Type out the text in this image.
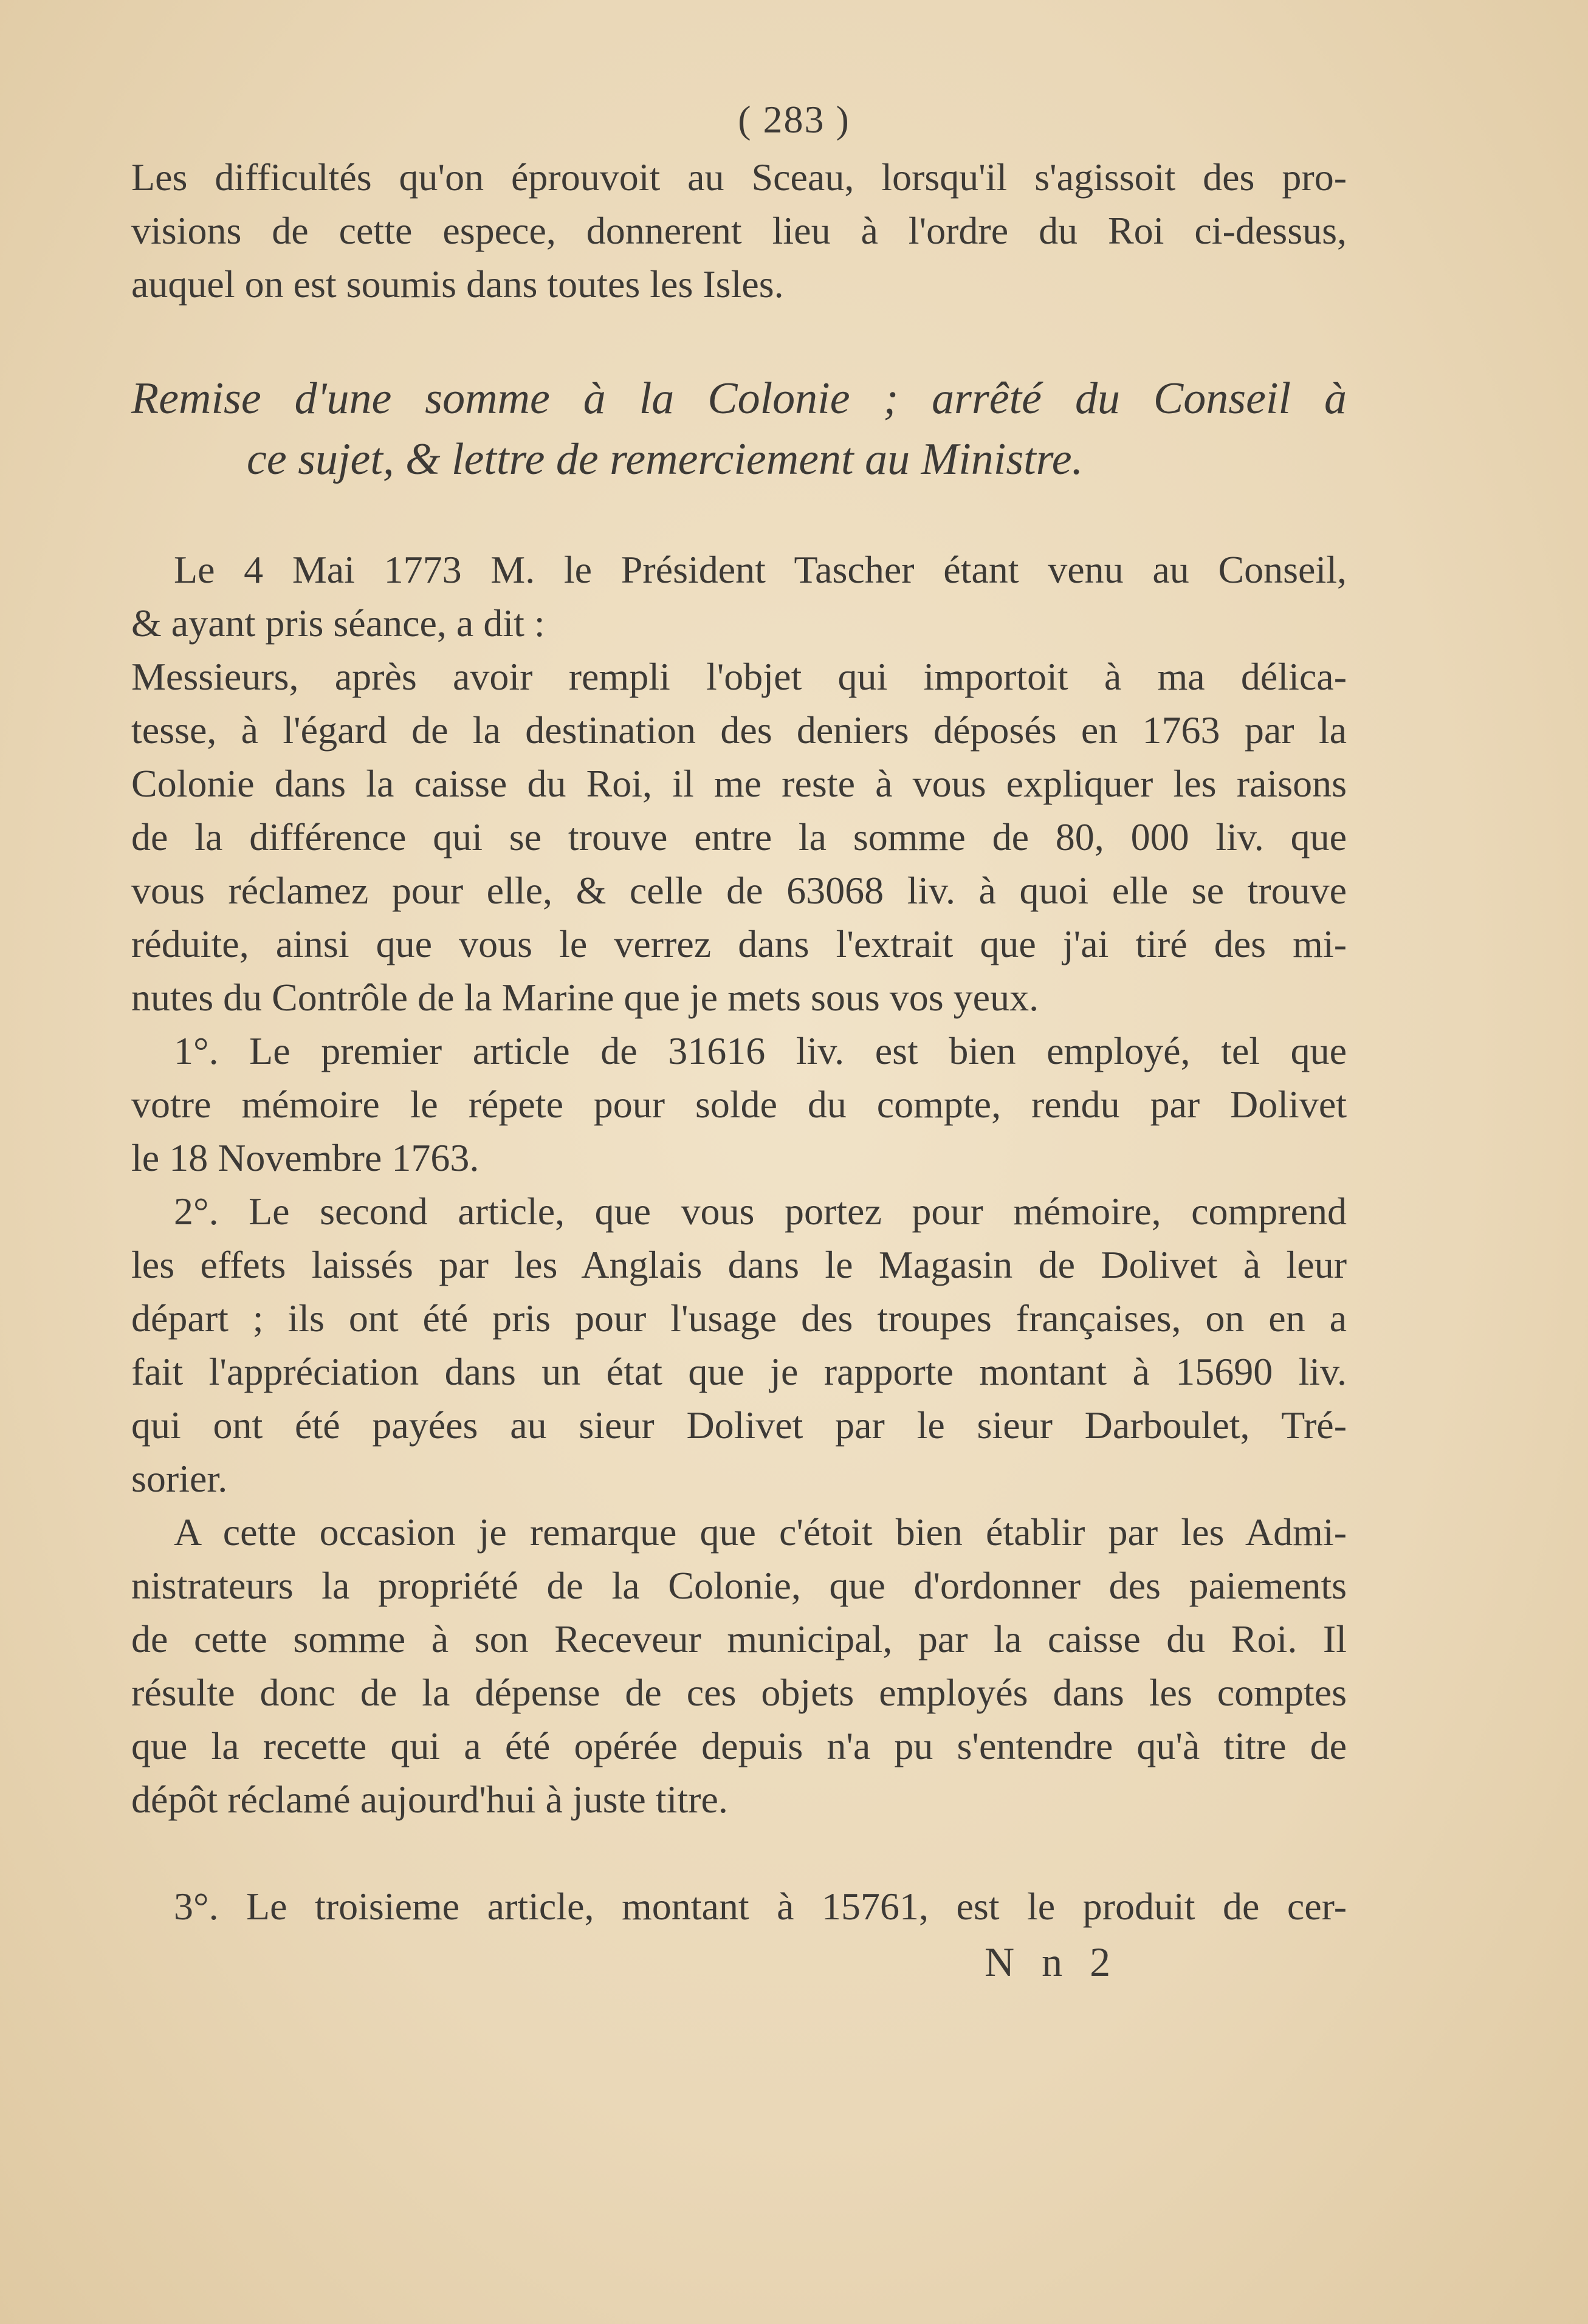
( 283 )
Les difficultés qu'on éprouvoit au Sceau, lorsqu'il s'agissoit des pro-
visions de cette espece, donnerent lieu à l'ordre du Roi ci-dessus,
auquel on est soumis dans toutes les Isles.
Remise d'une somme à la Colonie ; arrêté du Conseil à
ce sujet, & lettre de remerciement au Ministre.
Le 4 Mai 1773 M. le Président Tascher étant venu au Conseil,
& ayant pris séance, a dit :
Messieurs, après avoir rempli l'objet qui importoit à ma délica-
tesse, à l'égard de la destination des deniers déposés en 1763 par la
Colonie dans la caisse du Roi, il me reste à vous expliquer les raisons
de la différence qui se trouve entre la somme de 80, 000 liv. que
vous réclamez pour elle, & celle de 63068 liv. à quoi elle se trouve
réduite, ainsi que vous le verrez dans l'extrait que j'ai tiré des mi-
nutes du Contrôle de la Marine que je mets sous vos yeux.
1°. Le premier article de 31616 liv. est bien employé, tel que
votre mémoire le répete pour solde du compte, rendu par Dolivet
le 18 Novembre 1763.
2°. Le second article, que vous portez pour mémoire, comprend
les effets laissés par les Anglais dans le Magasin de Dolivet à leur
départ ; ils ont été pris pour l'usage des troupes françaises, on en a
fait l'appréciation dans un état que je rapporte montant à 15690 liv.
qui ont été payées au sieur Dolivet par le sieur Darboulet, Tré-
sorier.
A cette occasion je remarque que c'étoit bien établir par les Admi-
nistrateurs la propriété de la Colonie, que d'ordonner des paiements
de cette somme à son Receveur municipal, par la caisse du Roi. Il
résulte donc de la dépense de ces objets employés dans les comptes
que la recette qui a été opérée depuis n'a pu s'entendre qu'à titre de
dépôt réclamé aujourd'hui à juste titre.
3°. Le troisieme article, montant à 15761, est le produit de cer-
N n 2
